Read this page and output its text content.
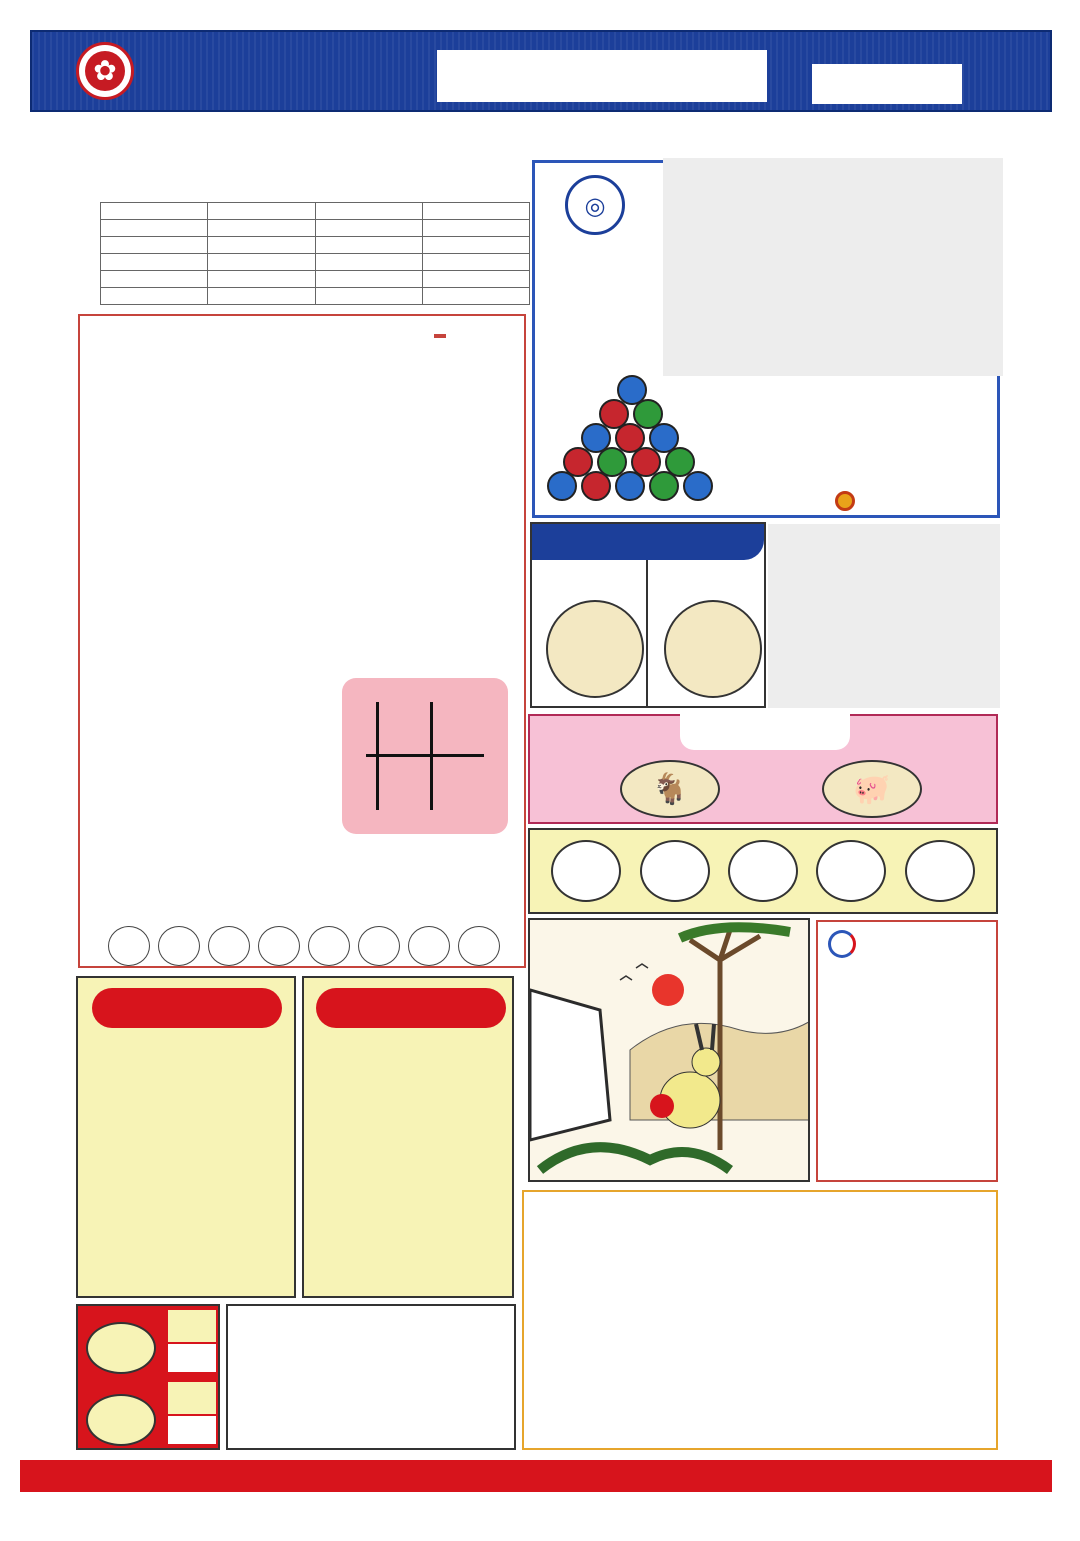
✿

◎
🐐	🐖
